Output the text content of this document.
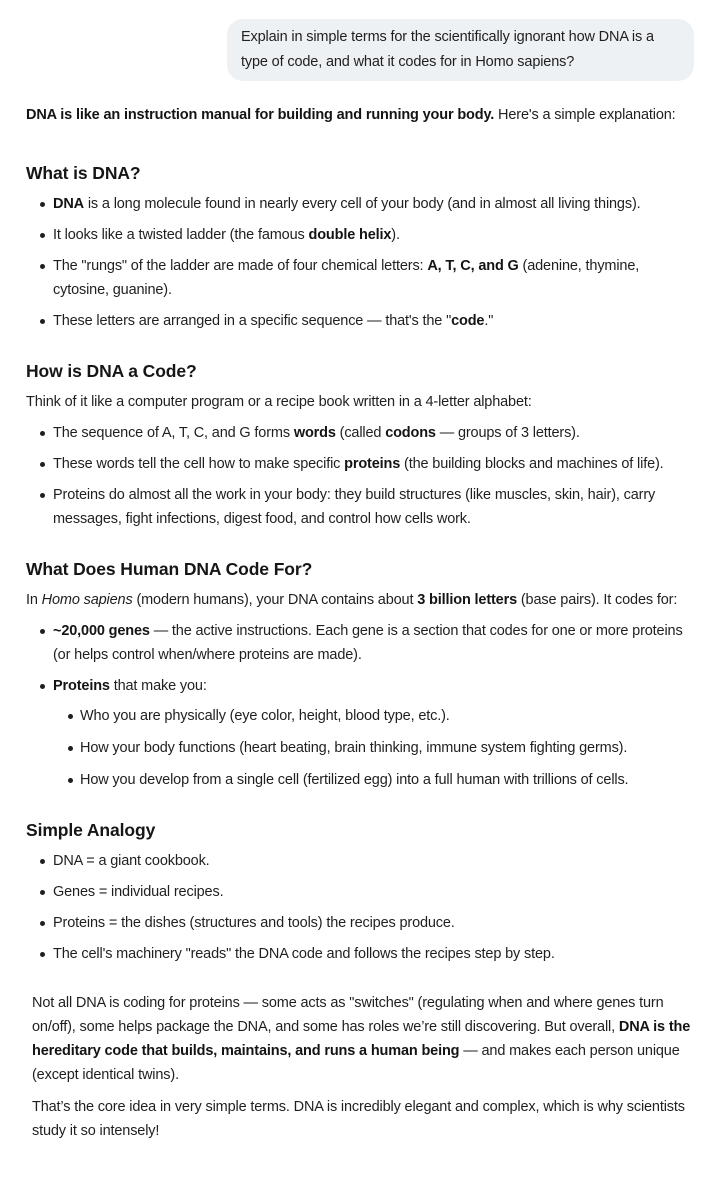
Explain in simple terms for the scientifically ignorant how DNA is a type of code, and what it codes for in Homo sapiens?

DNA is like an instruction manual for building and running your body. Here's a simple explanation:

What is DNA?
DNA is a long molecule found in nearly every cell of your body (and in almost all living things).
It looks like a twisted ladder (the famous double helix).
The "rungs" of the ladder are made of four chemical letters: A, T, C, and G (adenine, thymine, cytosine, guanine).
These letters are arranged in a specific sequence — that's the "code."
How is DNA a Code?

Think of it like a computer program or a recipe book written in a 4-letter alphabet:

The sequence of A, T, C, and G forms words (called codons — groups of 3 letters).
These words tell the cell how to make specific proteins (the building blocks and machines of life).
Proteins do almost all the work in your body: they build structures (like muscles, skin, hair), carry messages, fight infections, digest food, and control how cells work.
What Does Human DNA Code For?

In Homo sapiens (modern humans), your DNA contains about 3 billion letters (base pairs). It codes for:

~20,000 genes — the active instructions. Each gene is a section that codes for one or more proteins (or helps control when/where proteins are made).
Proteins that make you:
Who you are physically (eye color, height, blood type, etc.).
How your body functions (heart beating, brain thinking, immune system fighting germs).
How you develop from a single cell (fertilized egg) into a full human with trillions of cells.
Simple Analogy
DNA = a giant cookbook.
Genes = individual recipes.
Proteins = the dishes (structures and tools) the recipes produce.
The cell's machinery "reads" the DNA code and follows the recipes step by step.

Not all DNA is coding for proteins — some acts as "switches" (regulating when and where genes turn on/off), some helps package the DNA, and some has roles we’re still discovering. But overall, DNA is the hereditary code that builds, maintains, and runs a human being — and makes each person unique (except identical twins).

That’s the core idea in very simple terms. DNA is incredibly elegant and complex, which is why scientists study it so intensely!
